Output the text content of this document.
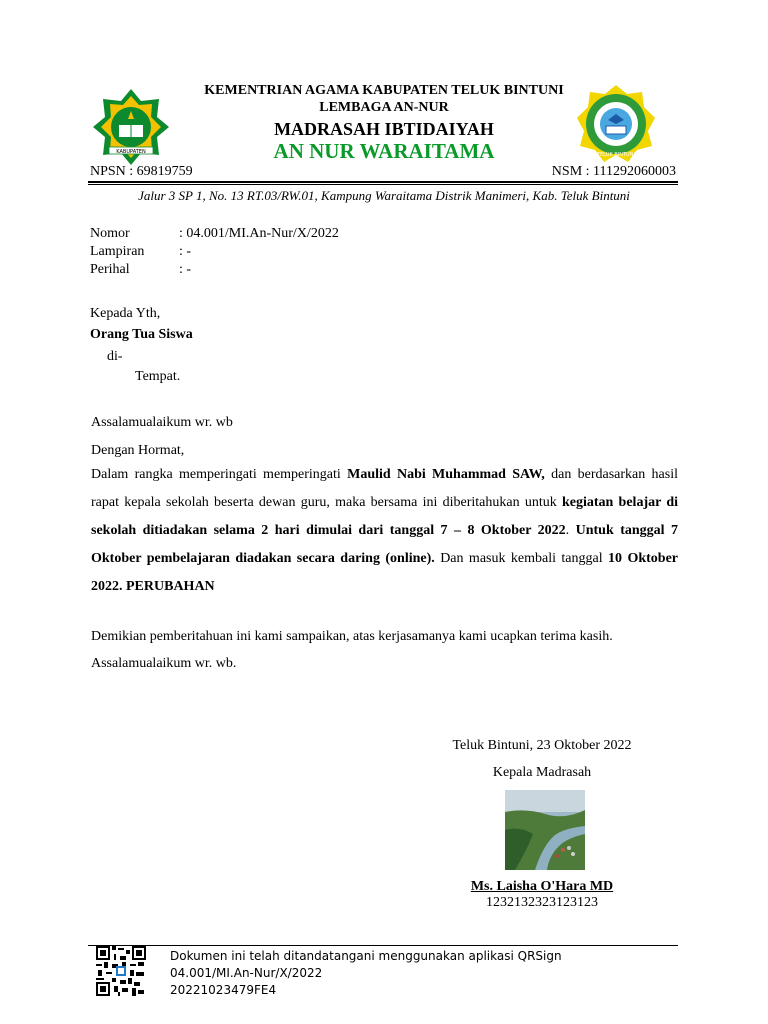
KABUPATEN	TELUK BINTUNI
KEMENTRIAN AGAMA KABUPATEN TELUK BINTUNI
LEMBAGA AN-NUR
MADRASAH IBTIDAIYAH
AN NUR WARAITAMA
NPSN : 69819759	NSM : 111292060003
Jalur 3 SP 1, No. 13 RT.03/RW.01, Kampung Waraitama Distrik Manimeri, Kab. Teluk Bintuni
Nomor	: 04.001/MI.An-Nur/X/2022
Lampiran : -
Perihal	: -
Kepada Yth,
Orang Tua Siswa
di-
Tempat.
Assalamualaikum wr. wb
Dengan Hormat,
Dalam rangka memperingati memperingati Maulid Nabi Muhammad SAW, dan berdasarkan hasil rapat kepala sekolah beserta dewan guru, maka bersama ini diberitahukan untuk kegiatan belajar di sekolah ditiadakan selama 2 hari dimulai dari tanggal 7 – 8 Oktober 2022. Untuk tanggal 7 Oktober pembelajaran diadakan secara daring (online). Dan masuk kembali tanggal 10 Oktober 2022. PERUBAHAN
Demikian pemberitahuan ini kami sampaikan, atas kerjasamanya kami ucapkan terima kasih.
Assalamualaikum wr. wb.
Teluk Bintuni, 23 Oktober 2022
Kepala Madrasah
Ms. Laisha O'Hara MD
1232132323123123
Dokumen ini telah ditandatangani menggunakan aplikasi QRSign
04.001/MI.An-Nur/X/2022
20221023479FE4
